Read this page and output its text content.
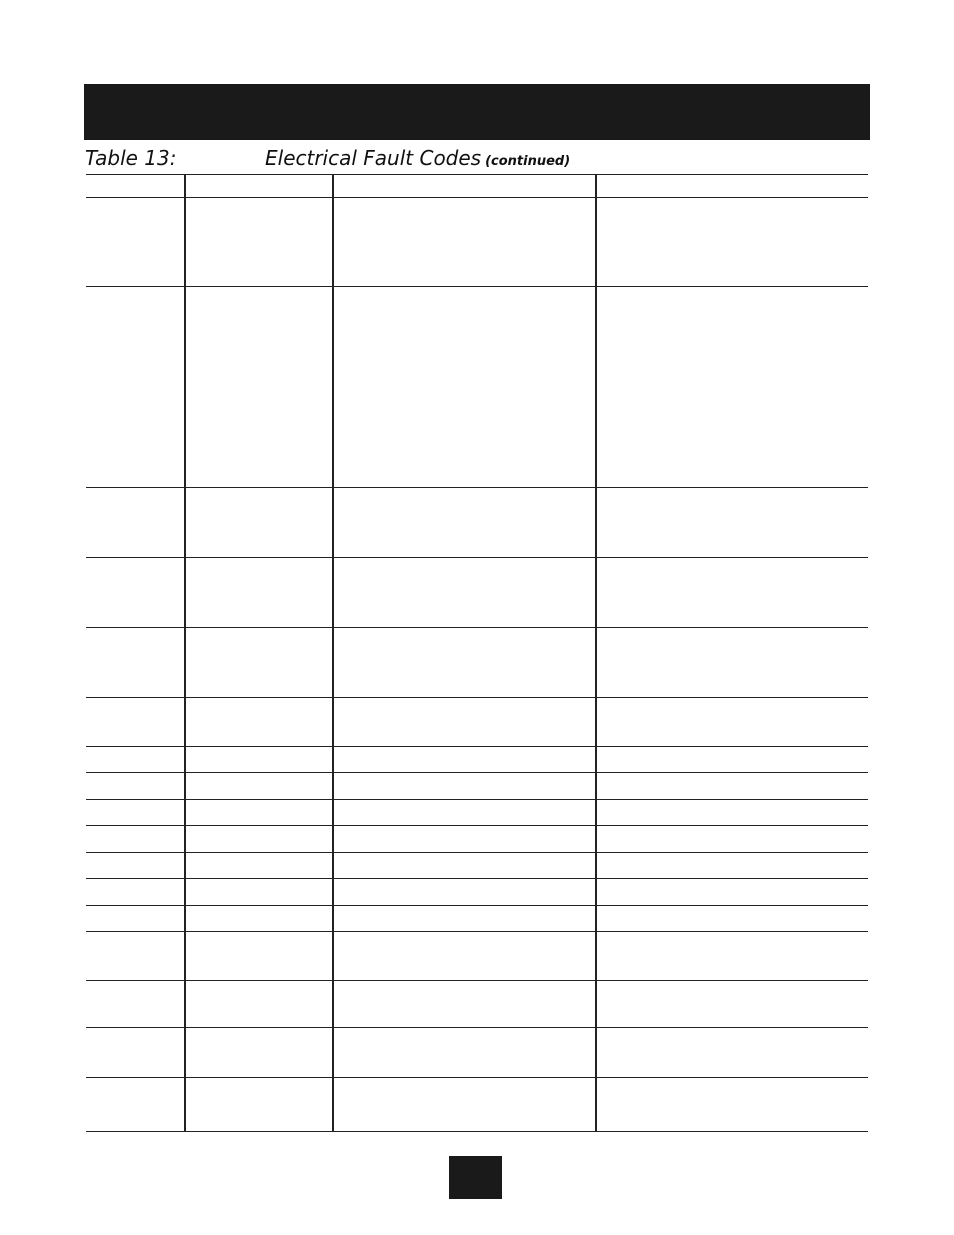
Table 13:	Electrical Fault Codes (continued)
